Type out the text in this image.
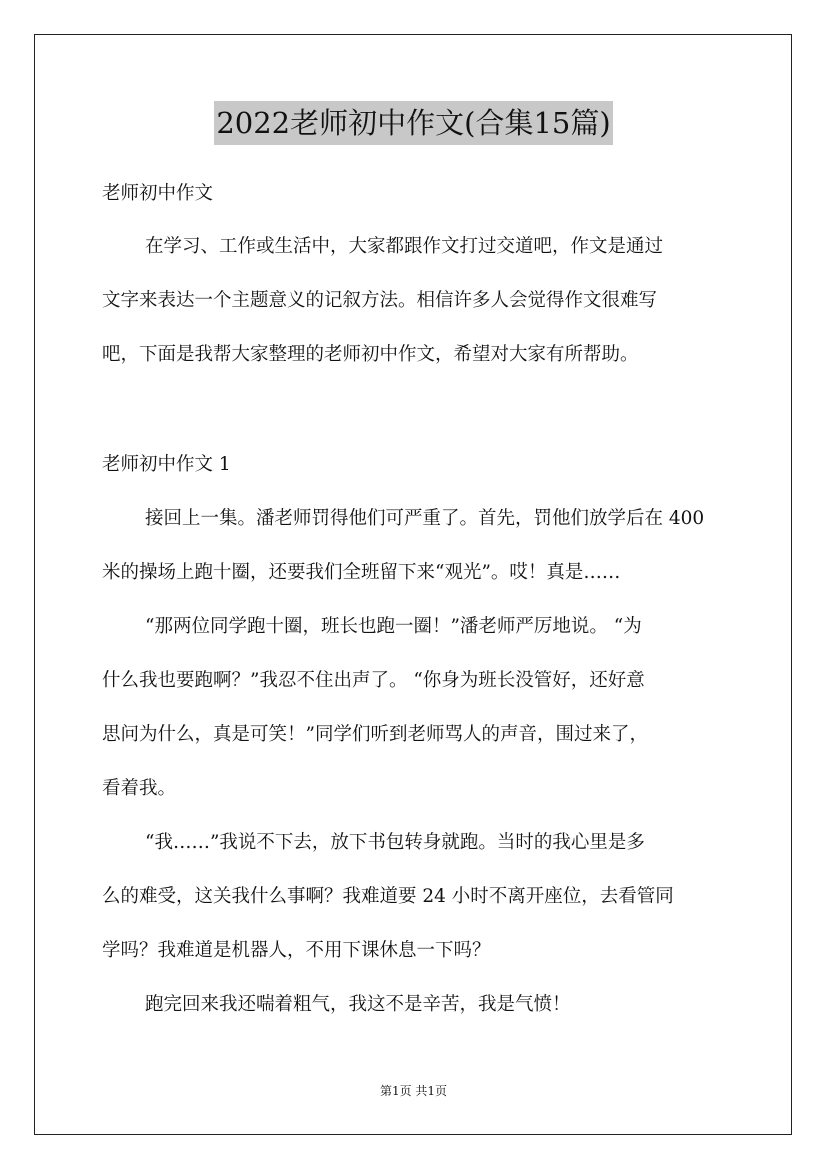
2022老师初中作文(合集15篇)
老师初中作文
在学习、工作或生活中，大家都跟作文打过交道吧，作文是通过
文字来表达一个主题意义的记叙方法。相信许多人会觉得作文很难写
吧，下面是我帮大家整理的老师初中作文，希望对大家有所帮助。
老师初中作文 1
接回上一集。潘老师罚得他们可严重了。首先，罚他们放学后在 400
米的操场上跑十圈，还要我们全班留下来“观光”。哎！真是……
“那两位同学跑十圈，班长也跑一圈！”潘老师严厉地说。 “为
什么我也要跑啊？”我忍不住出声了。 “你身为班长没管好，还好意
思问为什么，真是可笑！”同学们听到老师骂人的声音，围过来了，
看着我。
“我……”我说不下去，放下书包转身就跑。当时的我心里是多
么的难受，这关我什么事啊？我难道要 24 小时不离开座位，去看管同
学吗？我难道是机器人，不用下课休息一下吗？
跑完回来我还喘着粗气，我这不是辛苦，我是气愤！
第1页 共1页
